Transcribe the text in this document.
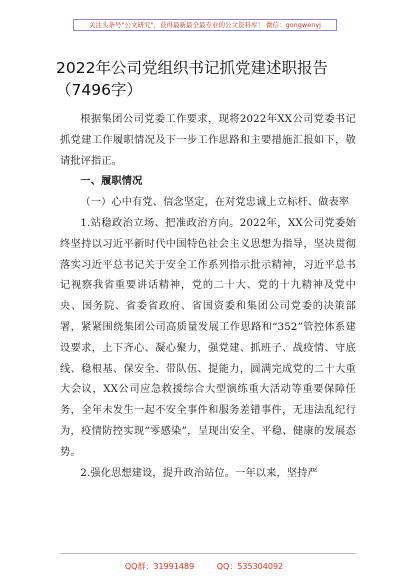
关注头条号"公文研究"，获得最新最全最专业的公文资料库！ 微信：gongwenyj
2022年公司党组织书记抓党建述职报告
（7496字）

根据集团公司党委工作要求，现将2022年XX公司党委书记抓党建工作履职情况及下一步工作思路和主要措施汇报如下，敬请批评指正。

一、履职情况

（一）心中有党、信念坚定，在对党忠诚上立标杆、做表率

1.站稳政治立场、把准政治方向。2022年，XX公司党委始终坚持以习近平新时代中国特色社会主义思想为指导，坚决贯彻落实习近平总书记关于安全工作系列指示批示精神，习近平总书记视察我省重要讲话精神，党的二十大、党的十九精神及党中央、国务院、省委省政府、省国资委和集团公司党委的决策部署，紧紧围绕集团公司高质量发展工作思路和“352”管控体系建设要求，上下齐心、凝心聚力，强党建、抓班子、战疫情、守底线、稳根基、保安全、带队伍、提能力，圆满完成党的二十大重大会议，XX公司应急救援综合大型演练重大活动等重要保障任务，全年未发生一起不安全事件和服务差错事件，无违法乱纪行为，疫情防控实现“零感染”，呈现出安全、平稳、健康的发展态势。

2.强化思想建设，提升政治站位。一年以来，坚持严

QQ群：31991489	QQ：535304092
